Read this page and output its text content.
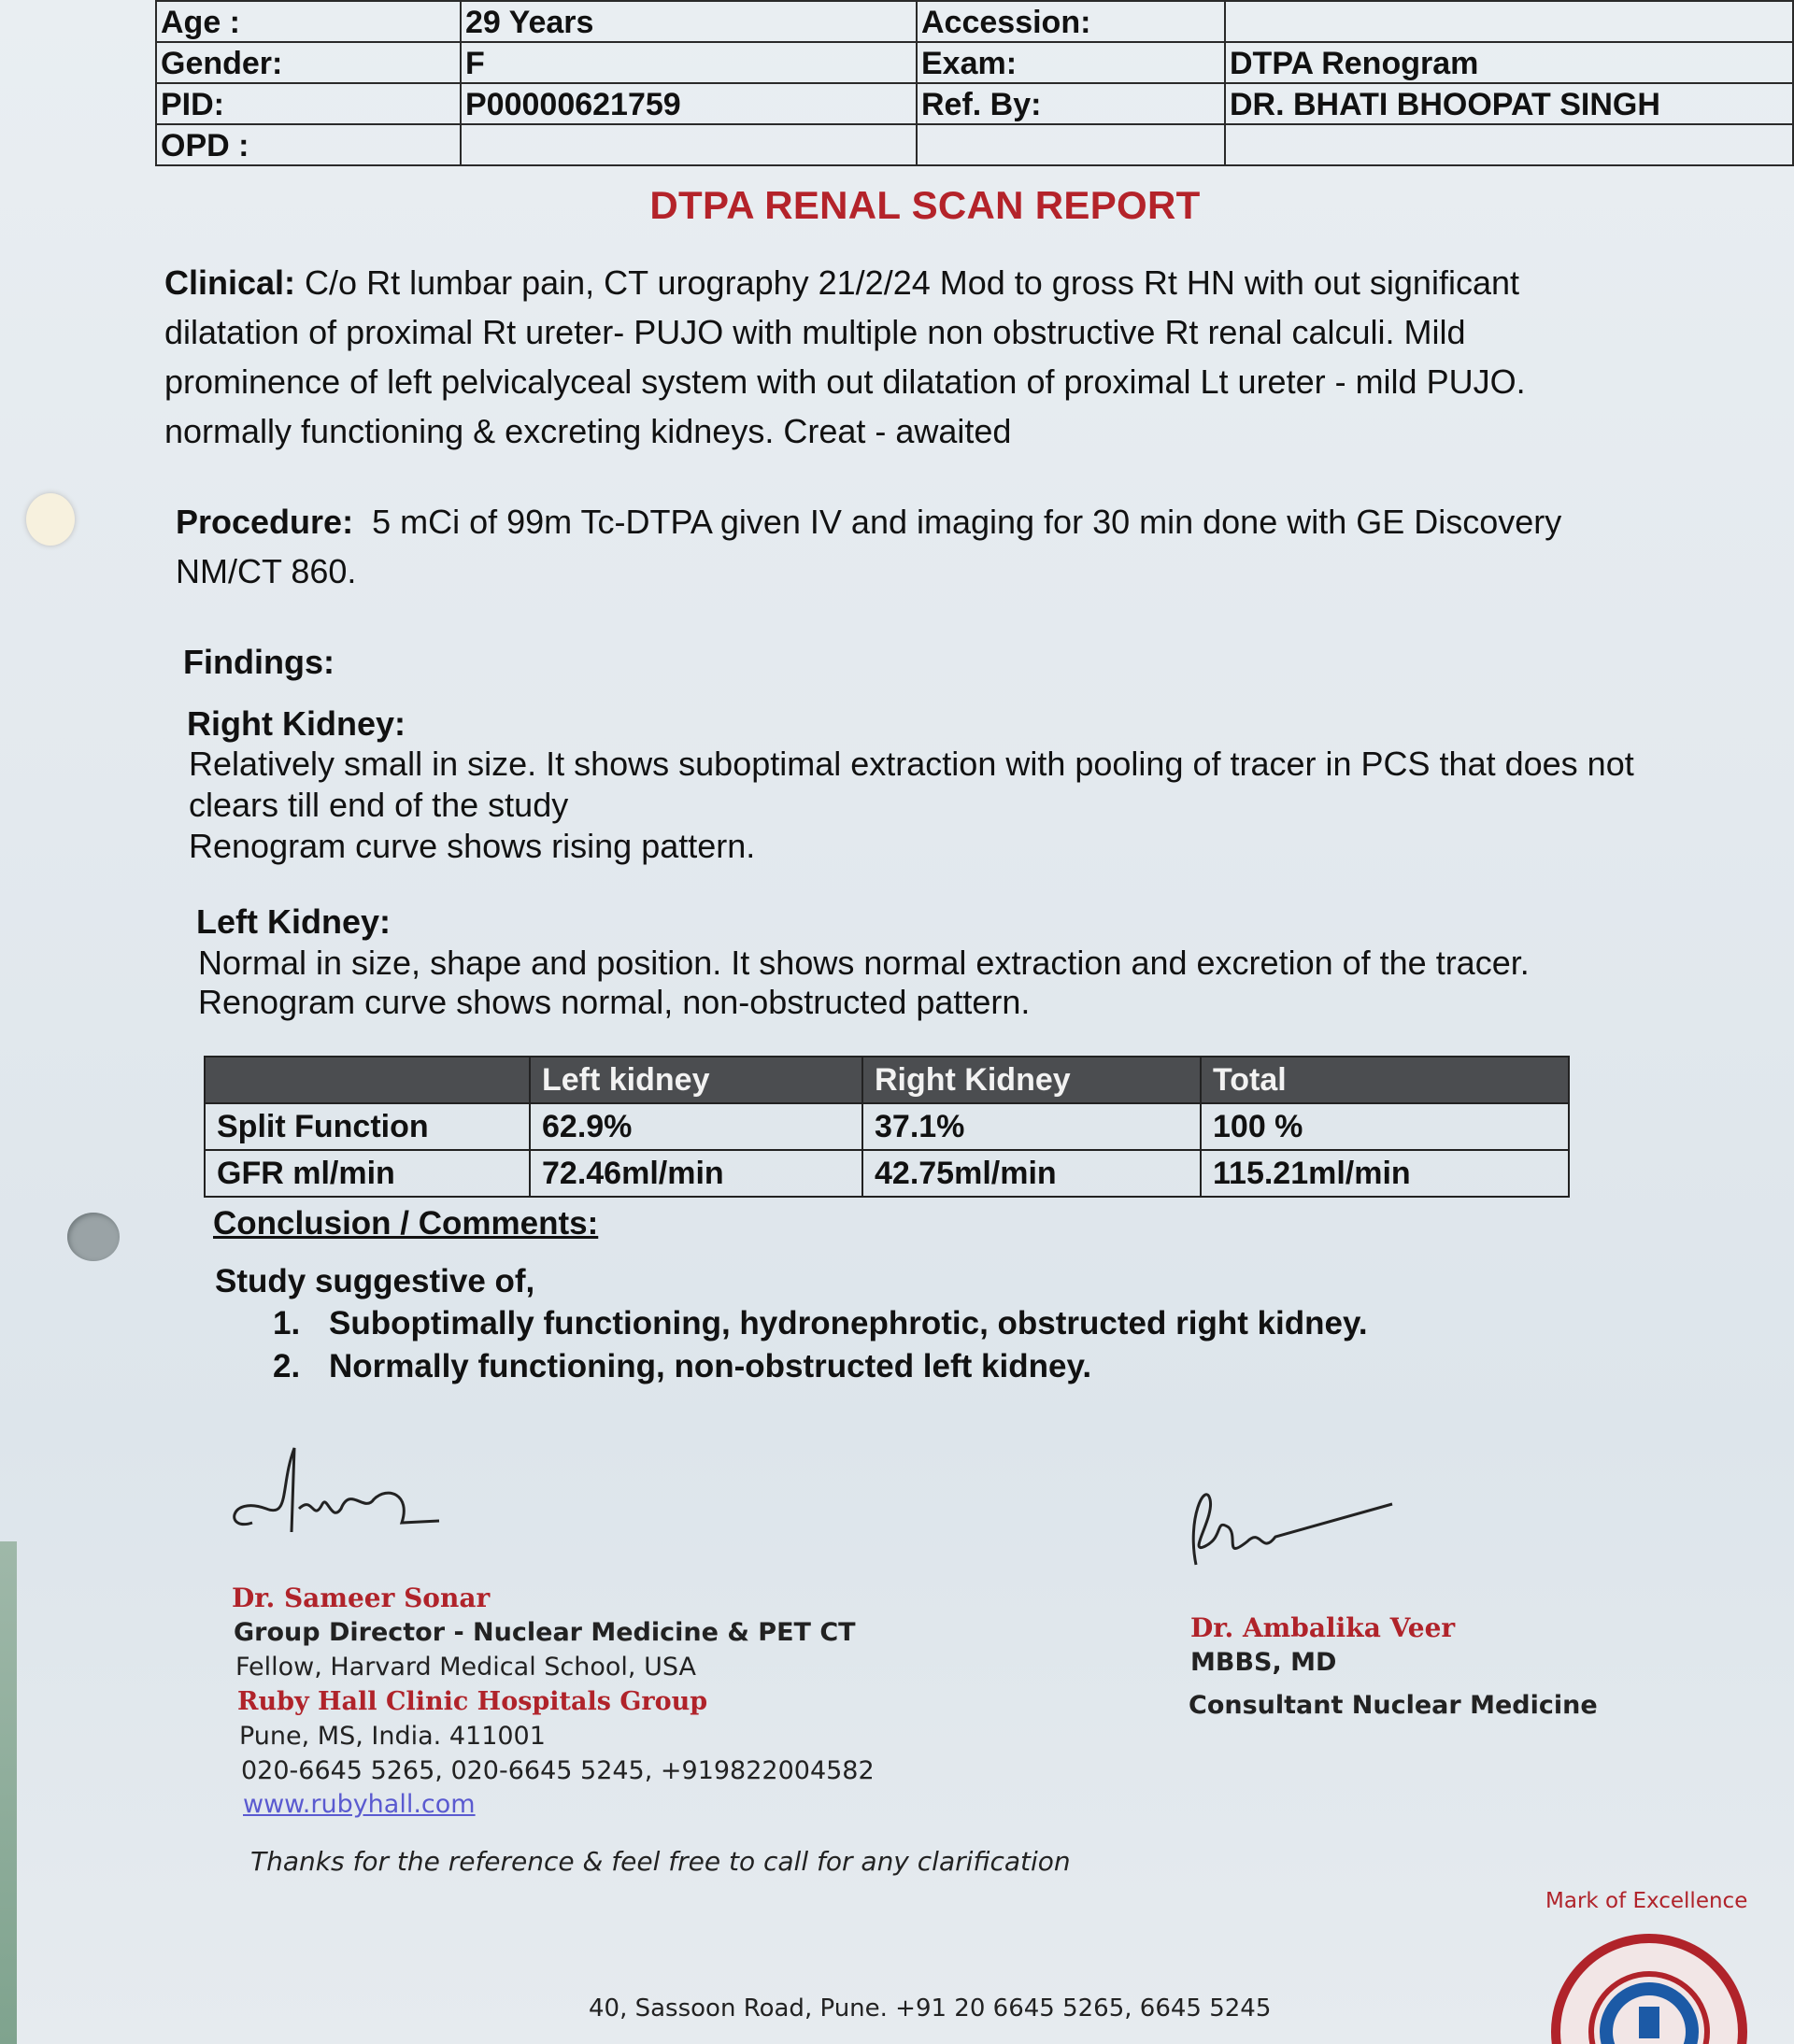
Age :	29 Years	Accession:	
Gender:	F	Exam:	DTPA Renogram
PID:	P00000621759	Ref. By:	DR. BHATI BHOOPAT SINGH
OPD :			
DTPA RENAL SCAN REPORT
Clinical: C/o Rt lumbar pain, CT urography 21/2/24 Mod to gross Rt HN with out significant
dilatation of proximal Rt ureter- PUJO with multiple non obstructive Rt renal calculi. Mild
prominence of left pelvicalyceal system with out dilatation of proximal Lt ureter - mild PUJO.
normally functioning & excreting kidneys. Creat - awaited
Procedure: 5 mCi of 99m Tc-DTPA given IV and imaging for 30 min done with GE Discovery
NM/CT 860.
Findings:
Right Kidney:
Relatively small in size. It shows suboptimal extraction with pooling of tracer in PCS that does not
clears till end of the study
Renogram curve shows rising pattern.
Left Kidney:
Normal in size, shape and position. It shows normal extraction and excretion of the tracer.
Renogram curve shows normal, non-obstructed pattern.
	Left kidney	Right Kidney	Total
Split Function	62.9%	37.1%	100 %
GFR ml/min	72.46ml/min	42.75ml/min	115.21ml/min
Conclusion / Comments:
Study suggestive of,
1. Suboptimally functioning, hydronephrotic, obstructed right kidney.
2. Normally functioning, non-obstructed left kidney.
Dr. Sameer Sonar
Group Director - Nuclear Medicine & PET CT
Fellow, Harvard Medical School, USA
Ruby Hall Clinic Hospitals Group
Pune, MS, India. 411001
020-6645 5265, 020-6645 5245, +919822004582
www.rubyhall.com
Dr. Ambalika Veer
MBBS, MD
Consultant Nuclear Medicine
Thanks for the reference & feel free to call for any clarification
Mark of Excellence
40, Sassoon Road, Pune. +91 20 6645 5265, 6645 5245
